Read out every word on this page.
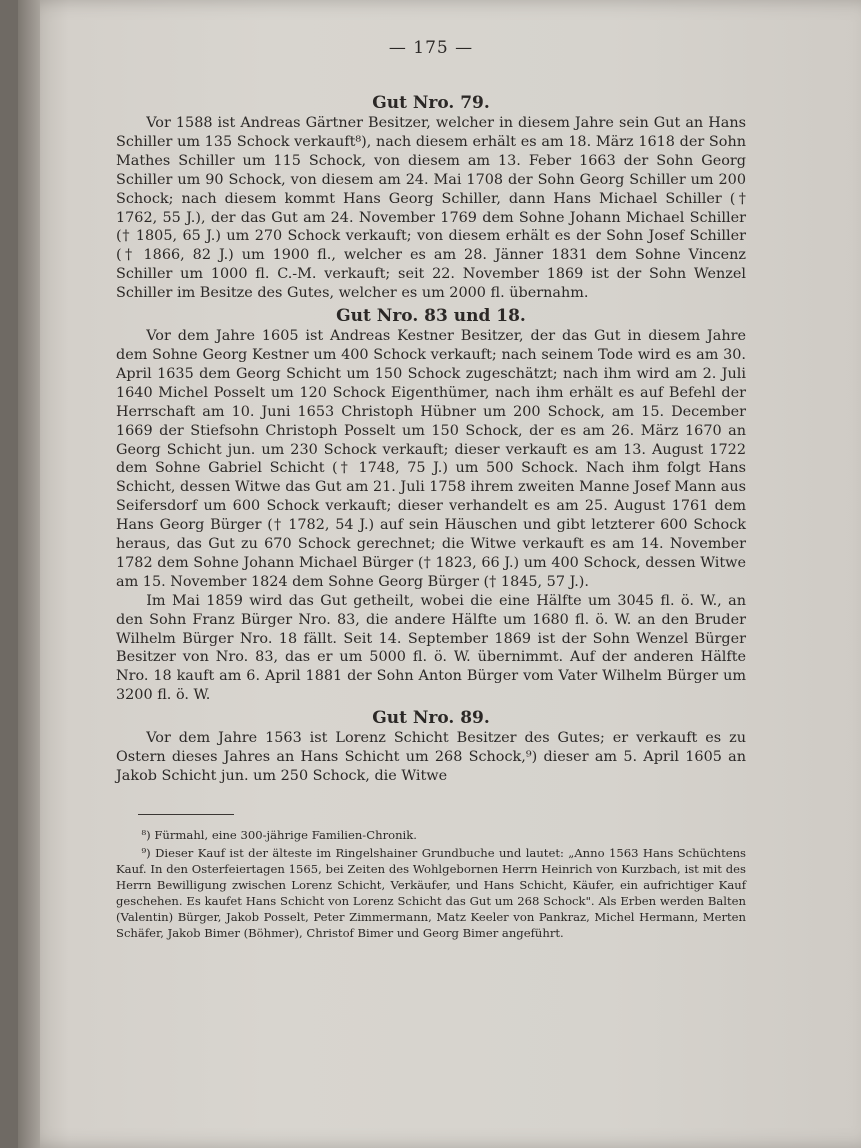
— 175 —
Gut Nro. 79.

Vor 1588 ist Andreas Gärtner Besitzer, welcher in diesem Jahre sein Gut an Hans Schiller um 135 Schock verkauft⁸), nach diesem erhält es am 18. März 1618 der Sohn Mathes Schiller um 115 Schock, von diesem am 13. Feber 1663 der Sohn Georg Schiller um 90 Schock, von diesem am 24. Mai 1708 der Sohn Georg Schiller um 200 Schock; nach diesem kommt Hans Georg Schiller, dann Hans Michael Schiller († 1762, 55 J.), der das Gut am 24. November 1769 dem Sohne Johann Michael Schiller († 1805, 65 J.) um 270 Schock verkauft; von diesem erhält es der Sohn Josef Schiller († 1866, 82 J.) um 1900 fl., welcher es am 28. Jänner 1831 dem Sohne Vincenz Schiller um 1000 fl. C.-M. verkauft; seit 22. November 1869 ist der Sohn Wenzel Schiller im Besitze des Gutes, welcher es um 2000 fl. übernahm.

Gut Nro. 83 und 18.

Vor dem Jahre 1605 ist Andreas Kestner Besitzer, der das Gut in diesem Jahre dem Sohne Georg Kestner um 400 Schock verkauft; nach seinem Tode wird es am 30. April 1635 dem Georg Schicht um 150 Schock zugeschätzt; nach ihm wird am 2. Juli 1640 Michel Posselt um 120 Schock Eigenthümer, nach ihm erhält es auf Befehl der Herrschaft am 10. Juni 1653 Christoph Hübner um 200 Schock, am 15. December 1669 der Stiefsohn Christoph Posselt um 150 Schock, der es am 26. März 1670 an Georg Schicht jun. um 230 Schock verkauft; dieser verkauft es am 13. August 1722 dem Sohne Gabriel Schicht († 1748, 75 J.) um 500 Schock. Nach ihm folgt Hans Schicht, dessen Witwe das Gut am 21. Juli 1758 ihrem zweiten Manne Josef Mann aus Seifersdorf um 600 Schock verkauft; dieser verhandelt es am 25. August 1761 dem Hans Georg Bürger († 1782, 54 J.) auf sein Häuschen und gibt letzterer 600 Schock heraus, das Gut zu 670 Schock gerechnet; die Witwe verkauft es am 14. November 1782 dem Sohne Johann Michael Bürger († 1823, 66 J.) um 400 Schock, dessen Witwe am 15. November 1824 dem Sohne Georg Bürger († 1845, 57 J.).

Im Mai 1859 wird das Gut getheilt, wobei die eine Hälfte um 3045 fl. ö. W., an den Sohn Franz Bürger Nro. 83, die andere Hälfte um 1680 fl. ö. W. an den Bruder Wilhelm Bürger Nro. 18 fällt. Seit 14. September 1869 ist der Sohn Wenzel Bürger Besitzer von Nro. 83, das er um 5000 fl. ö. W. übernimmt. Auf der anderen Hälfte Nro. 18 kauft am 6. April 1881 der Sohn Anton Bürger vom Vater Wilhelm Bürger um 3200 fl. ö. W.

Gut Nro. 89.

Vor dem Jahre 1563 ist Lorenz Schicht Besitzer des Gutes; er verkauft es zu Ostern dieses Jahres an Hans Schicht um 268 Schock,⁹) dieser am 5. April 1605 an Jakob Schicht jun. um 250 Schock, die Witwe

⁸) Fürmahl, eine 300-jährige Familien-Chronik.

⁹) Dieser Kauf ist der älteste im Ringelshainer Grundbuche und lautet: „Anno 1563 Hans Schüchtens Kauf. In den Osterfeiertagen 1565, bei Zeiten des Wohlgebornen Herrn Heinrich von Kurzbach, ist mit des Herrn Bewilligung zwischen Lorenz Schicht, Verkäufer, und Hans Schicht, Käufer, ein aufrichtiger Kauf geschehen. Es kaufet Hans Schicht von Lorenz Schicht das Gut um 268 Schock". Als Erben werden Balten (Valentin) Bürger, Jakob Posselt, Peter Zimmermann, Matz Keeler von Pankraz, Michel Hermann, Merten Schäfer, Jakob Bimer (Böhmer), Christof Bimer und Georg Bimer angeführt.
